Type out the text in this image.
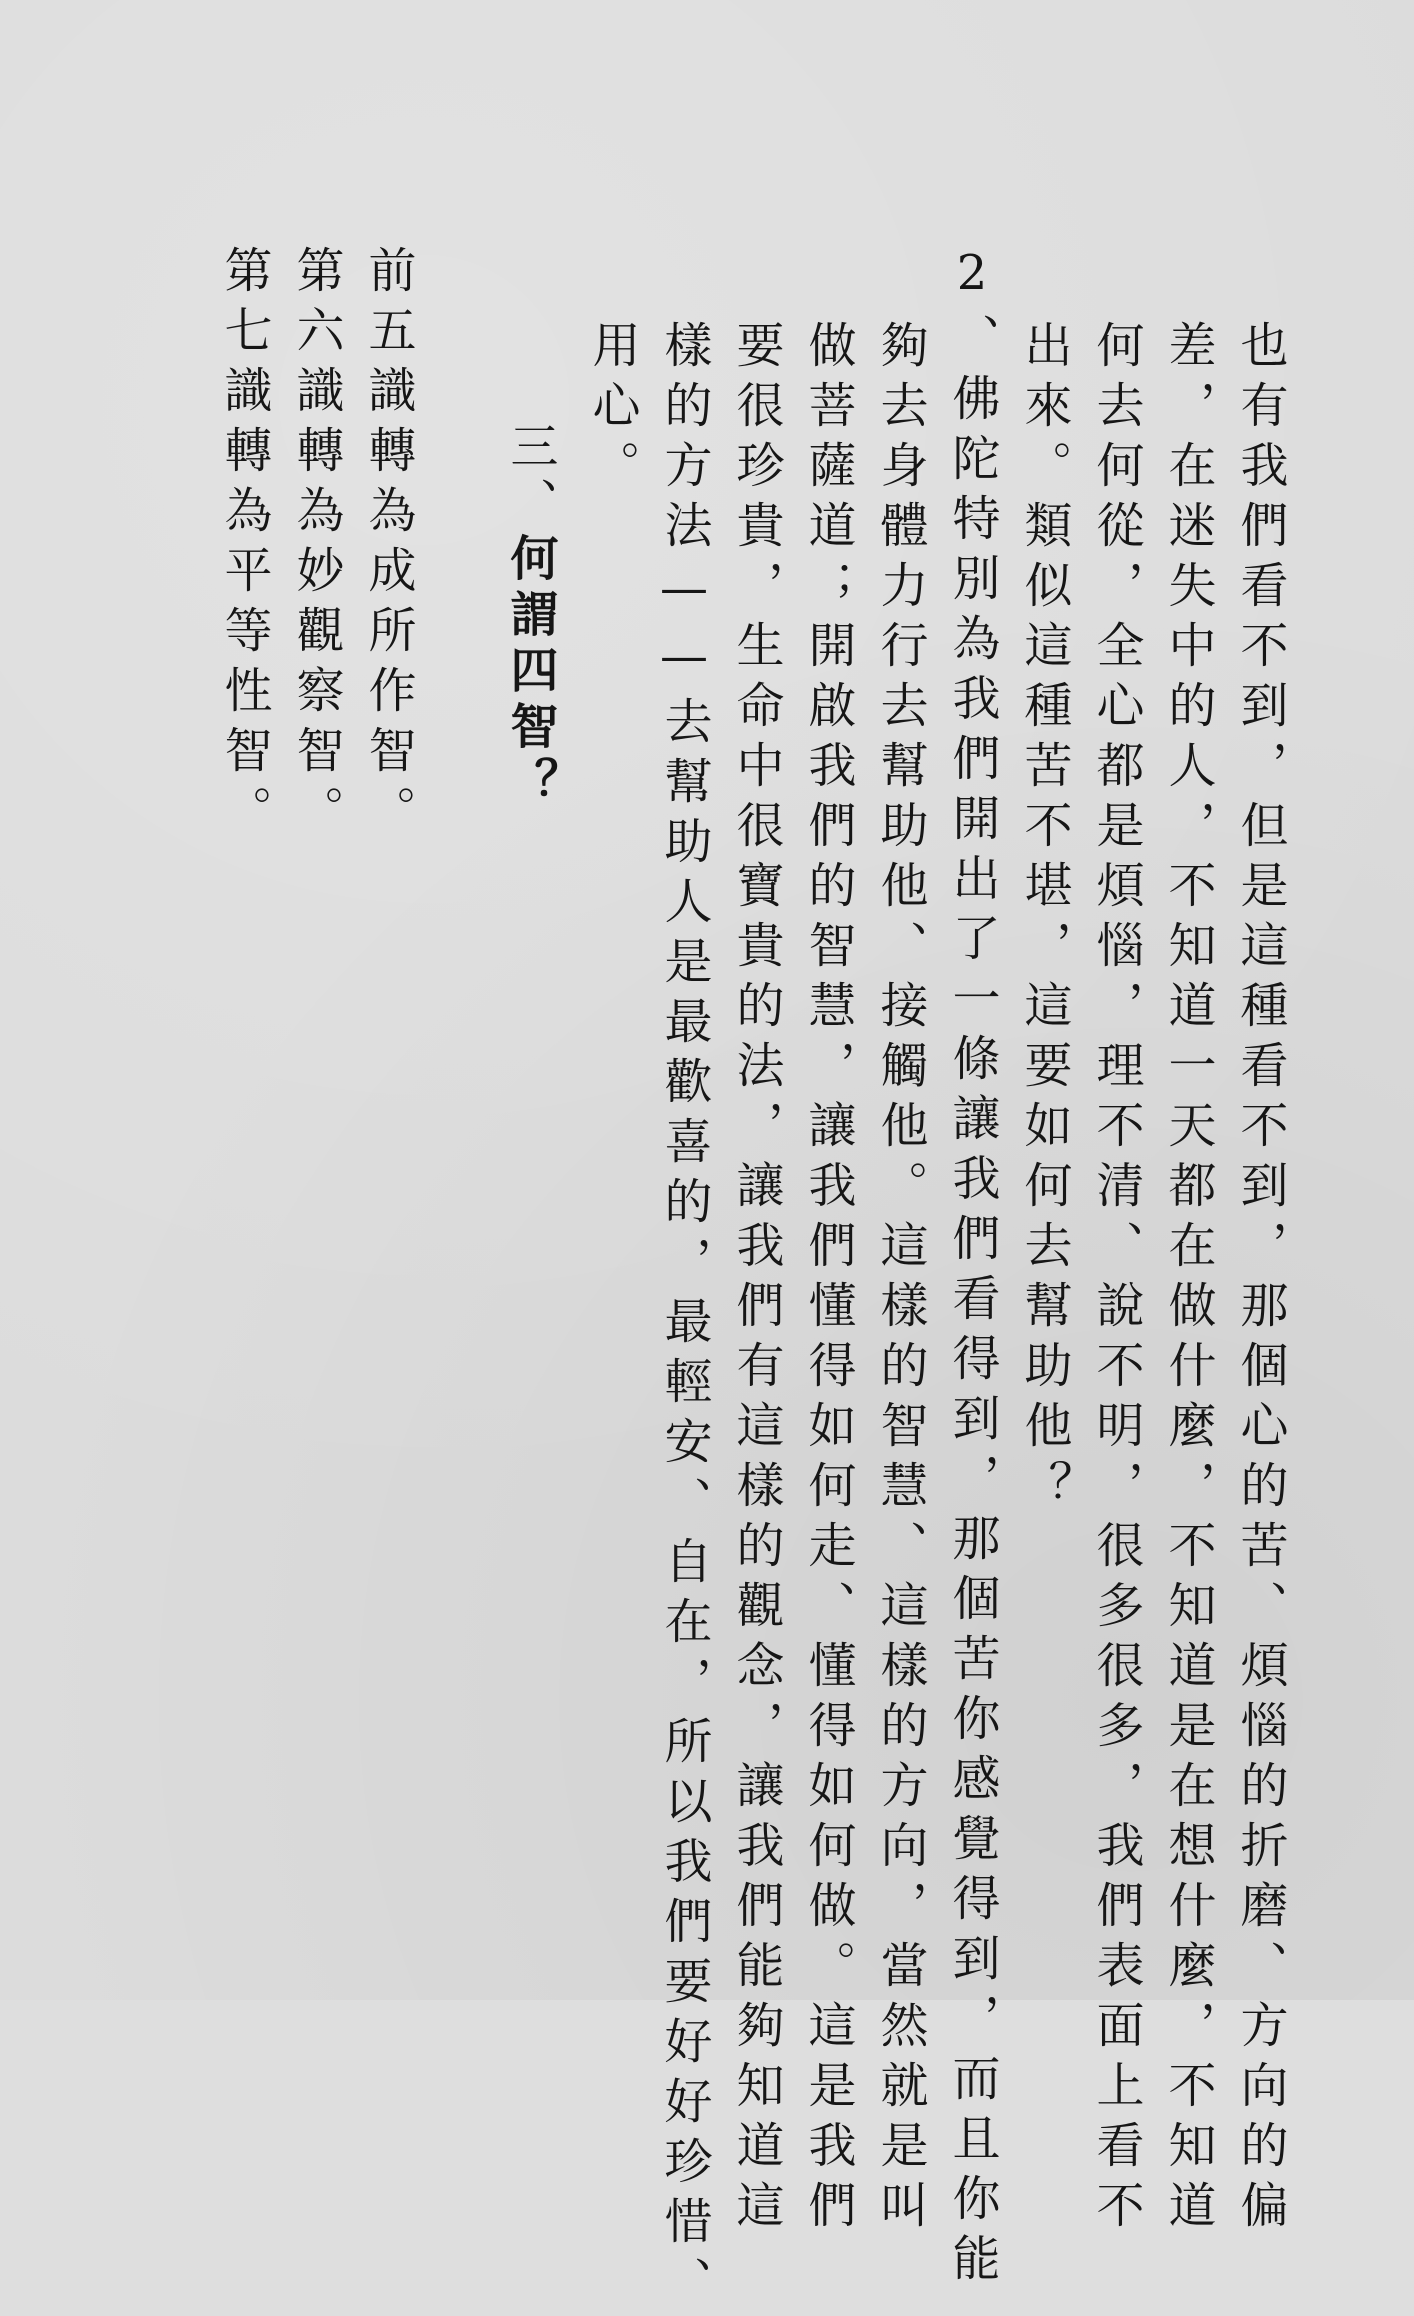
也有我們看不到，但是這種看不到，那個心的苦、煩惱的折磨、方向的偏
差，在迷失中的人，不知道一天都在做什麼，不知道是在想什麼，不知道
何去何從，全心都是煩惱，理不清、說不明，很多很多，我們表面上看不
出來。類似這種苦不堪，這要如何去幫助他？
2、佛陀特別為我們開出了一條讓我們看得到，那個苦你感覺得到，而且你能
夠去身體力行去幫助他、接觸他。這樣的智慧、這樣的方向，當然就是叫
做菩薩道；開啟我們的智慧，讓我們懂得如何走、懂得如何做。這是我們
要很珍貴，生命中很寶貴的法，讓我們有這樣的觀念，讓我們能夠知道這
樣的方法——去幫助人是最歡喜的，最輕安、自在，所以我們要好好珍惜、
用心。

三、何謂四智？

前五識轉為成所作智。
第六識轉為妙觀察智。
第七識轉為平等性智。
